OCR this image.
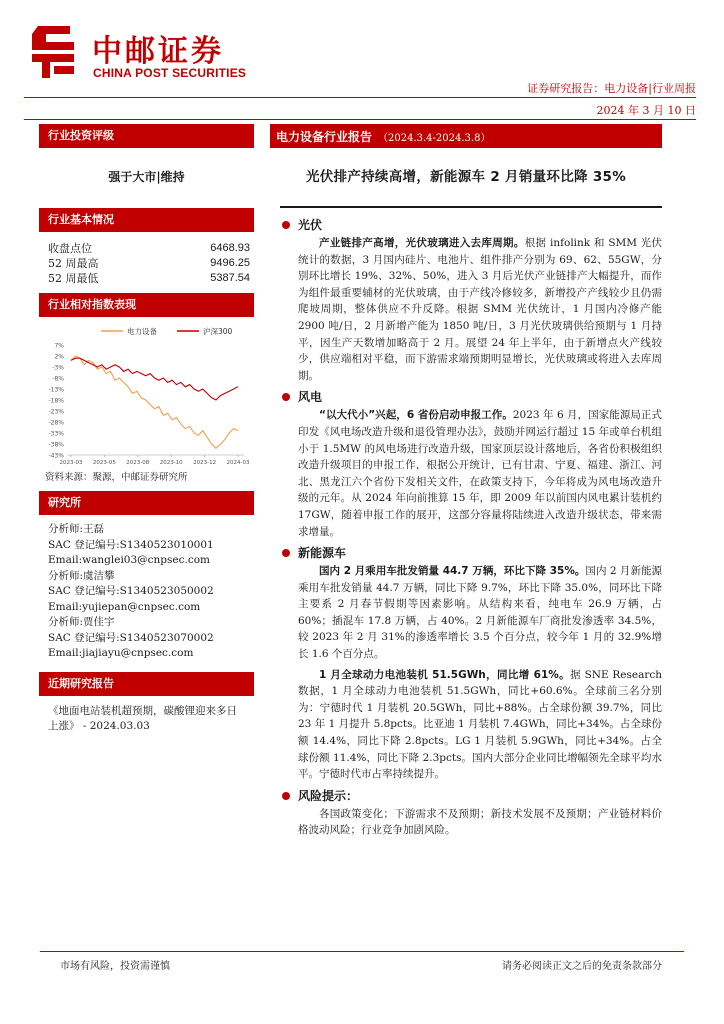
中邮证券
CHINA POST SECURITIES
证券研究报告：电力设备|行业周报
2024 年 3 月 10 日
行业投资评级
强于大市|维持
行业基本情况
收盘点位	6468.93
52 周最高	9496.25
52 周最低	5387.54
行业相对指数表现
电力设备	沪深300
7%
2%
-3%
-8%
-13%
-18%
-23%
-28%
-33%
-38%
-43%
2023-03 2023-05 2023-08 2023-10 2023-12 2024-03
资料来源：聚源，中邮证券研究所
研究所
分析师:王磊
SAC 登记编号:S1340523010001
Email:wanglei03@cnpsec.com
分析师:虞洁攀
SAC 登记编号:S1340523050002
Email:yujiepan@cnpsec.com
分析师:贾佳宇
SAC 登记编号:S1340523070002
Email:jiajiayu@cnpsec.com
近期研究报告
《地面电站装机超预期，碳酸锂迎来多日上涨》 - 2024.03.03
电力设备行业报告 （2024.3.4-2024.3.8）
光伏排产持续高增，新能源车 2 月销量环比降 35%
光伏
产业链排产高增，光伏玻璃进入去库周期。根据 infolink 和 SMM 光伏统计的数据，3 月国内硅片、电池片、组件排产分别为 69、62、55GW，分别环比增长 19%、32%、50%，进入 3 月后光伏产业链排产大幅提升，而作为组件最重要辅材的光伏玻璃，由于产线冷修较多，新增投产产线较少且仍需爬坡周期，整体供应不升反降。根据 SMM 光伏统计，1 月国内冷修产能 2900 吨/日，2 月新增产能为 1850 吨/日，3 月光伏玻璃供给预期与 1 月持平，因生产天数增加略高于 2 月。展望 24 年上半年，由于新增点火产线较少，供应端相对平稳，而下游需求端预期明显增长，光伏玻璃或将进入去库周期。
风电
“以大代小”兴起，6 省份启动申报工作。2023 年 6 月，国家能源局正式印发《风电场改造升级和退役管理办法》，鼓励并网运行超过 15 年或单台机组小于 1.5MW 的风电场进行改造升级，国家顶层设计落地后，各省份积极组织改造升级项目的申报工作，根据公开统计，已有甘肃、宁夏、福建、浙江、河北、黑龙江六个省份下发相关文件，在政策支持下，今年将成为风电场改造升级的元年。从 2024 年向前推算 15 年，即 2009 年以前国内风电累计装机约 17GW，随着申报工作的展开，这部分容量将陆续进入改造升级状态，带来需求增量。
新能源车
国内 2 月乘用车批发销量 44.7 万辆，环比下降 35%。国内 2 月新能源乘用车批发销量 44.7 万辆，同比下降 9.7%，环比下降 35.0%，同环比下降主要系 2 月春节假期等因素影响。从结构来看，纯电车 26.9 万辆，占 60%；插混车 17.8 万辆，占 40%。2 月新能源车厂商批发渗透率 34.5%，较 2023 年 2 月 31%的渗透率增长 3.5 个百分点，较今年 1 月的 32.9%增长 1.6 个百分点。
1 月全球动力电池装机 51.5GWh，同比增 61%。据 SNE Research 数据，1 月全球动力电池装机 51.5GWh，同比+60.6%。全球前三名分别为：宁德时代 1 月装机 20.5GWh，同比+88%。占全球份额 39.7%，同比 23 年 1 月提升 5.8pcts。比亚迪 1 月装机 7.4GWh，同比+34%。占全球份额 14.4%，同比下降 2.8pcts。LG 1 月装机 5.9GWh，同比+34%。占全球份额 11.4%，同比下降 2.3pcts。国内大部分企业同比增幅领先全球平均水平。宁德时代市占率持续提升。
风险提示：
各国政策变化；下游需求不及预期；新技术发展不及预期；产业链材料价格波动风险；行业竞争加剧风险。
市场有风险，投资需谨慎	请务必阅读正文之后的免责条款部分
